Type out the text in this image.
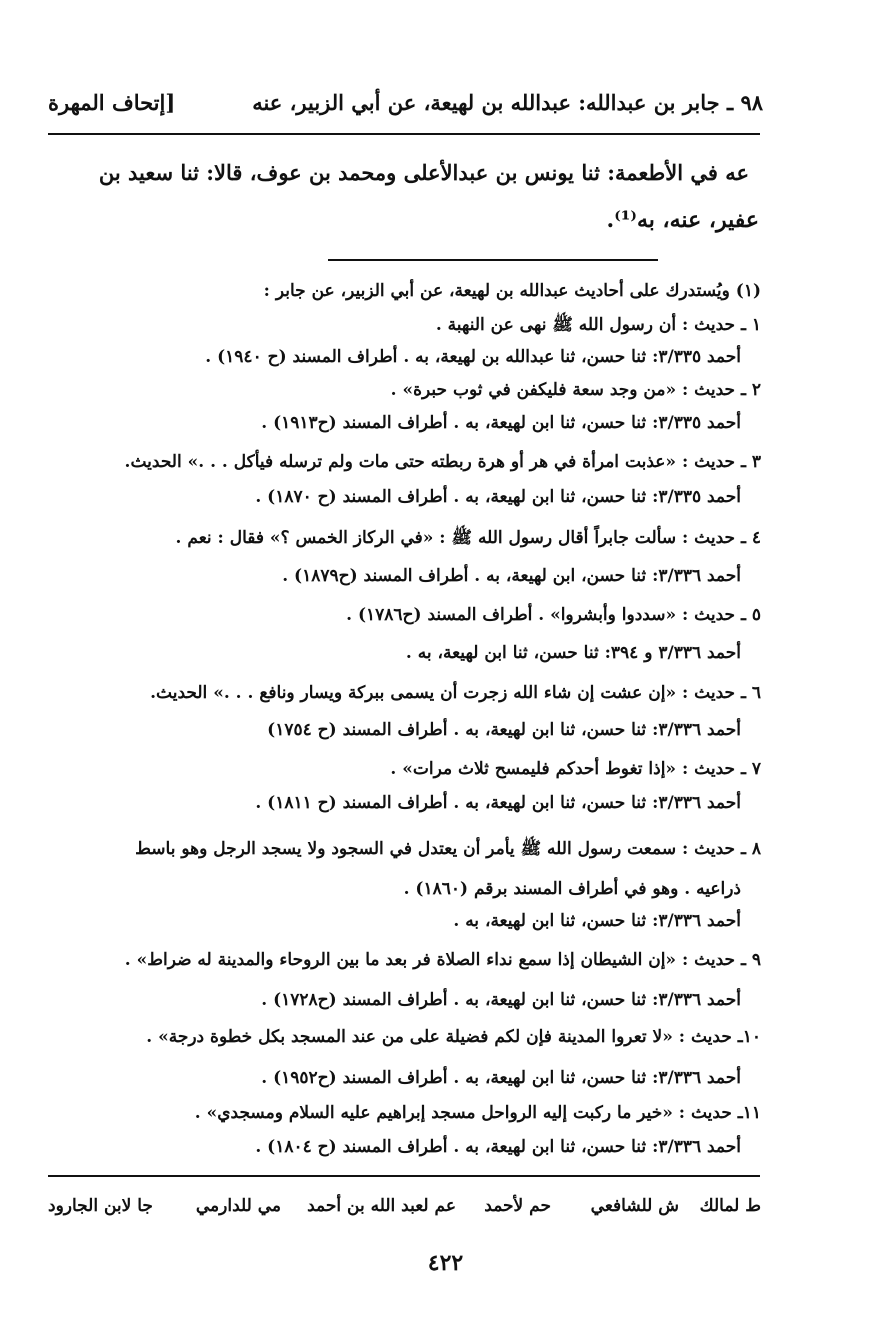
٩٨ ـ جابر بن عبدالله: عبدالله بن لهيعة، عن أبي الزبير، عنه
[إتحاف المهرة
عه في الأطعمة: ثنا يونس بن عبدالأعلى ومحمد بن عوف، قالا: ثنا سعيد بن
عفير، عنه، به⁽¹⁾.
(١) ويُستدرك على أحاديث عبدالله بن لهيعة، عن أبي الزبير، عن جابر :
١ ـ حديث : أن رسول الله ﷺ نهى عن النهبة .
أحمد ٣/٣٣٥: ثنا حسن، ثنا عبدالله بن لهيعة، به . أطراف المسند (ح ١٩٤٠) .
٢ ـ حديث : «من وجد سعة فليكفن في ثوب حبرة» .
أحمد ٣/٣٣٥: ثنا حسن، ثنا ابن لهيعة، به . أطراف المسند (ح١٩١٣) .
٣ ـ حديث : «عذبت امرأة في هر أو هرة ربطته حتى مات ولم ترسله فيأكل . . .» الحديث.
أحمد ٣/٣٣٥: ثنا حسن، ثنا ابن لهيعة، به . أطراف المسند (ح ١٨٧٠) .
٤ ـ حديث : سألت جابراً أقال رسول الله ﷺ : «في الركاز الخمس ؟» فقال : نعم .
أحمد ٣/٣٣٦: ثنا حسن، ابن لهيعة، به . أطراف المسند (ح١٨٧٩) .
٥ ـ حديث : «سددوا وأبشروا» . أطراف المسند (ح١٧٨٦) .
أحمد ٣/٣٣٦ و ٣٩٤: ثنا حسن، ثنا ابن لهيعة، به .
٦ ـ حديث : «إن عشت إن شاء الله زجرت أن يسمى ببركة ويسار ونافع . . .» الحديث.
أحمد ٣/٣٣٦: ثنا حسن، ثنا ابن لهيعة، به . أطراف المسند (ح ١٧٥٤)
٧ ـ حديث : «إذا تغوط أحدكم فليمسح ثلاث مرات» .
أحمد ٣/٣٣٦: ثنا حسن، ثنا ابن لهيعة، به . أطراف المسند (ح ١٨١١) .
٨ ـ حديث : سمعت رسول الله ﷺ يأمر أن يعتدل في السجود ولا يسجد الرجل وهو باسط
ذراعيه . وهو في أطراف المسند برقم (١٨٦٠) .
أحمد ٣/٣٣٦: ثنا حسن، ثنا ابن لهيعة، به .
٩ ـ حديث : «إن الشيطان إذا سمع نداء الصلاة فر بعد ما بين الروحاء والمدينة له ضراط» .
أحمد ٣/٣٣٦: ثنا حسن، ثنا ابن لهيعة، به . أطراف المسند (ح١٧٢٨) .
١٠ـ حديث : «لا تعروا المدينة فإن لكم فضيلة على من عند المسجد بكل خطوة درجة» .
أحمد ٣/٣٣٦: ثنا حسن، ثنا ابن لهيعة، به . أطراف المسند (ح١٩٥٢) .
١١ـ حديث : «خير ما ركبت إليه الرواحل مسجد إبراهيم عليه السلام ومسجدي» .
أحمد ٣/٣٣٦: ثنا حسن، ثنا ابن لهيعة، به . أطراف المسند (ح ١٨٠٤) .
ط لمالك
ش للشافعي
حم لأحمد
عم لعبد الله بن أحمد
مي للدارمي
جا لابن الجارود
٤٢٢
